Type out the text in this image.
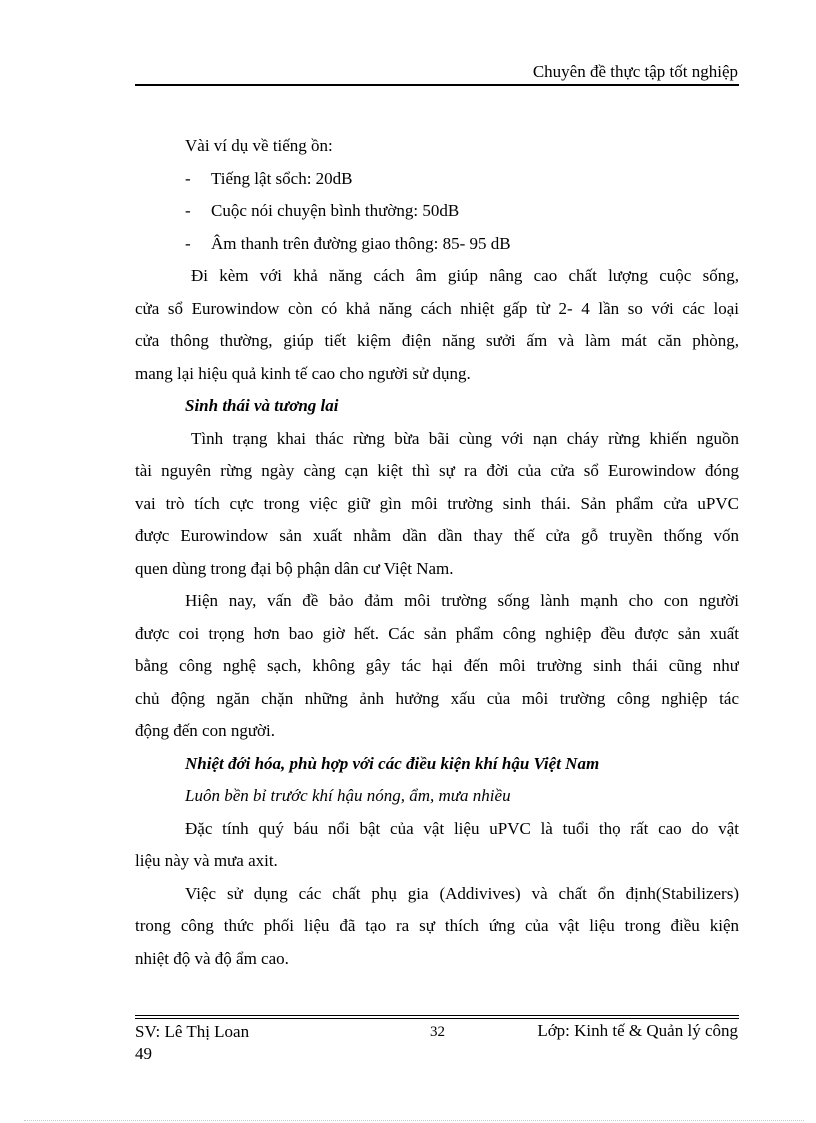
Chuyên đề thực tập tốt nghiệp
Vài ví dụ về tiếng ồn:
-	Tiếng lật sổch: 20dB
-	Cuộc nói chuyện bình thường: 50dB
-	Âm thanh trên đường giao thông: 85- 95 dB
Đi kèm với khả năng cách âm giúp nâng cao chất lượng cuộc sống,
cửa sổ Eurowindow còn có khả năng cách nhiệt gấp từ 2- 4 lần so với các loại
cửa thông thường, giúp tiết kiệm điện năng sưởi ấm và làm mát căn phòng,
mang lại hiệu quả kinh tế cao cho người sử dụng.
Sinh thái và tương lai
Tình trạng khai thác rừng bừa bãi cùng với nạn cháy rừng khiến nguồn
tài nguyên rừng ngày càng cạn kiệt thì sự ra đời của cửa sổ Eurowindow đóng
vai trò tích cực trong việc giữ gìn môi trường sinh thái. Sản phẩm cửa uPVC
được Eurowindow sản xuất nhằm dần dần thay thế cửa gỗ truyền thống vốn
quen dùng trong đại bộ phận dân cư Việt Nam.
Hiện nay, vấn đề bảo đảm môi trường sống lành mạnh cho con người
được coi trọng hơn bao giờ hết. Các sản phẩm công nghiệp đều được sản xuất
bằng công nghệ sạch, không gây tác hại đến môi trường sinh thái cũng như
chủ động ngăn chặn những ảnh hưởng xấu của môi trường công nghiệp tác
động đến con người.
Nhiệt đới hóa, phù hợp với các điều kiện khí hậu Việt Nam
Luôn bền bỉ trước khí hậu nóng, ẩm, mưa nhiều
Đặc tính quý báu nổi bật của vật liệu uPVC là tuổi thọ rất cao do vật
liệu này và mưa axit.
Việc sử dụng các chất phụ gia (Addivives) và chất ổn định(Stabilizers)
trong công thức phối liệu đã tạo ra sự thích ứng của vật liệu trong điều kiện
nhiệt độ và độ ẩm cao.
SV: Lê Thị Loan
49
32	Lớp: Kinh tế & Quản lý công
